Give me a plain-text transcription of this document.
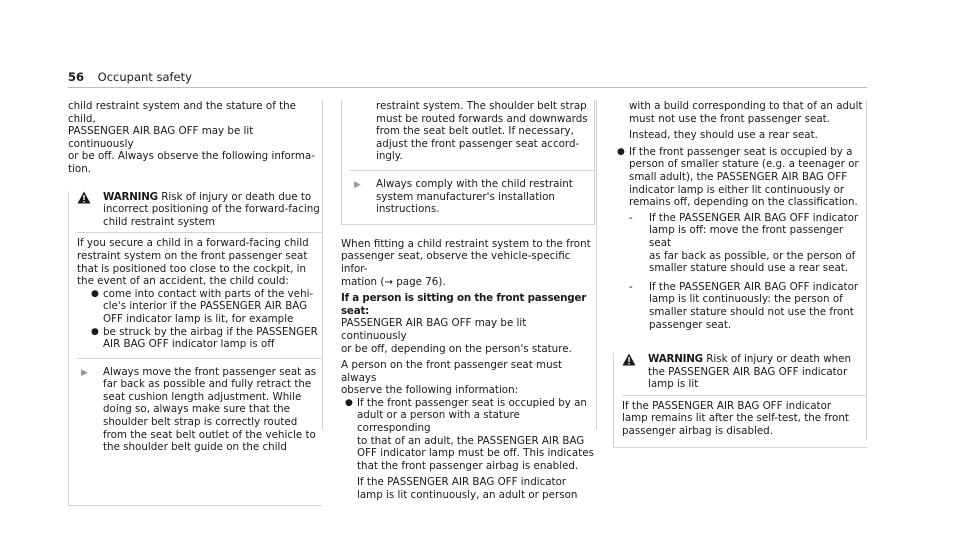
56 Occupant safety

child restraint system and the stature of the child,
PASSENGER AIR BAG OFF may be lit continuously
or be off. Always observe the following informa-
tion.

WARNING Risk of injury or death due to
incorrect positioning of the forward-facing
child restraint system

If you secure a child in a forward-facing child
restraint system on the front passenger seat
that is positioned too close to the cockpit, in
the event of an accident, the child could:

● come into contact with parts of the vehi-
cle's interior if the PASSENGER AIR BAG
OFF indicator lamp is lit, for example
● be struck by the airbag if the PASSENGER
AIR BAG OFF indicator lamp is off
▶ Always move the front passenger seat as
far back as possible and fully retract the
seat cushion length adjustment. While
doing so, always make sure that the
shoulder belt strap is correctly routed
from the seat belt outlet of the vehicle to
the shoulder belt guide on the child

restraint system. The shoulder belt strap
must be routed forwards and downwards
from the seat belt outlet. If necessary,
adjust the front passenger seat accord-
ingly.

▶ Always comply with the child restraint
system manufacturer's installation
instructions.

When fitting a child restraint system to the front
passenger seat, observe the vehicle-specific infor-
mation (→ page 76).

If a person is sitting on the front passenger seat:

PASSENGER AIR BAG OFF may be lit continuously
or be off, depending on the person's stature.

A person on the front passenger seat must always
observe the following information:

● If the front passenger seat is occupied by an
adult or a person with a stature corresponding
to that of an adult, the PASSENGER AIR BAG
OFF indicator lamp must be off. This indicates
that the front passenger airbag is enabled.

If the PASSENGER AIR BAG OFF indicator
lamp is lit continuously, an adult or person

with a build corresponding to that of an adult
must not use the front passenger seat.

Instead, they should use a rear seat.

● If the front passenger seat is occupied by a
person of smaller stature (e.g. a teenager or
small adult), the PASSENGER AIR BAG OFF
indicator lamp is either lit continuously or
remains off, depending on the classification.
- If the PASSENGER AIR BAG OFF indicator
lamp is off: move the front passenger seat
as far back as possible, or the person of
smaller stature should use a rear seat.
- If the PASSENGER AIR BAG OFF indicator
lamp is lit continuously: the person of
smaller stature should not use the front
passenger seat.
WARNING Risk of injury or death when
the PASSENGER AIR BAG OFF indicator
lamp is lit

If the PASSENGER AIR BAG OFF indicator
lamp remains lit after the self-test, the front
passenger airbag is disabled.
